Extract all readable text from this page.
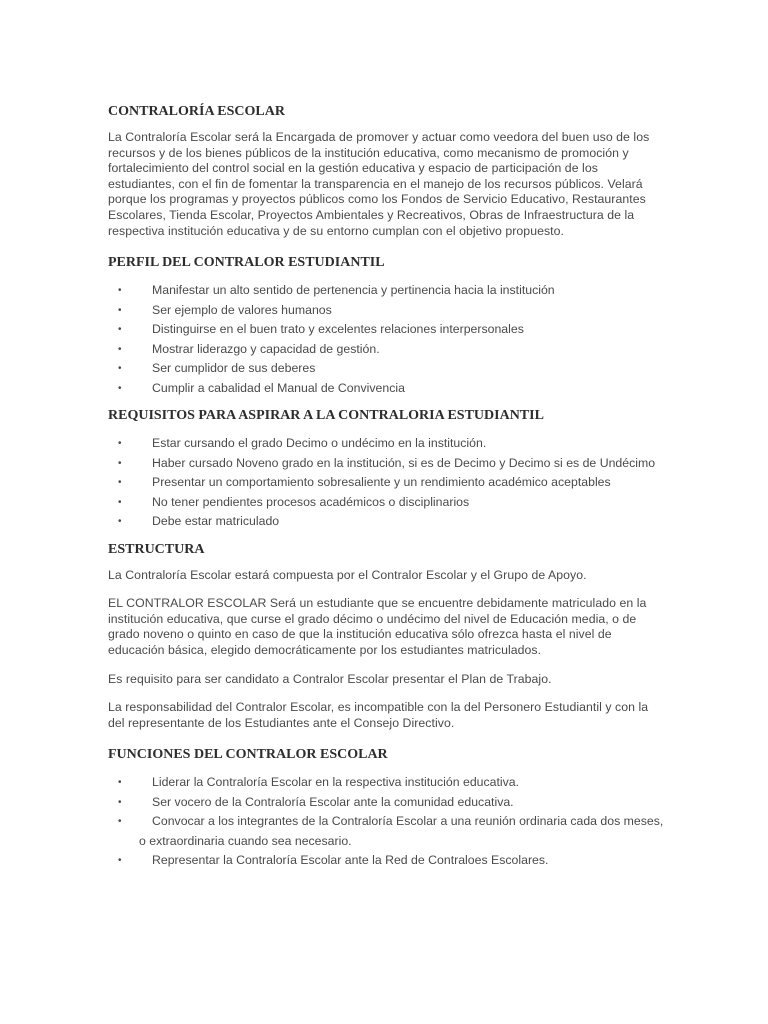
CONTRALORÍA ESCOLAR

La Contraloría Escolar será la Encargada de promover y actuar como veedora del buen uso de los recursos y de los bienes públicos de la institución educativa, como mecanismo de promoción y fortalecimiento del control social en la gestión educativa y espacio de participación de los estudiantes, con el fin de fomentar la transparencia en el manejo de los recursos públicos. Velará porque los programas y proyectos públicos como los Fondos de Servicio Educativo, Restaurantes Escolares, Tienda Escolar, Proyectos Ambientales y Recreativos, Obras de Infraestructura de la respectiva institución educativa y de su entorno cumplan con el objetivo propuesto.

PERFIL DEL CONTRALOR ESTUDIANTIL
• Manifestar un alto sentido de pertenencia y pertinencia hacia la institución
• Ser ejemplo de valores humanos
• Distinguirse en el buen trato y excelentes relaciones interpersonales
• Mostrar liderazgo y capacidad de gestión.
• Ser cumplidor de sus deberes
• Cumplir a cabalidad el Manual de Convivencia
REQUISITOS PARA ASPIRAR A LA CONTRALORIA ESTUDIANTIL
• Estar cursando el grado Decimo o undécimo en la institución.
• Haber cursado Noveno grado en la institución, si es de Decimo y Decimo si es de Undécimo
• Presentar un comportamiento sobresaliente y un rendimiento académico aceptables
• No tener pendientes procesos académicos o disciplinarios
• Debe estar matriculado
ESTRUCTURA

La Contraloría Escolar estará compuesta por el Contralor Escolar y el Grupo de Apoyo.

EL CONTRALOR ESCOLAR Será un estudiante que se encuentre debidamente matriculado en la institución educativa, que curse el grado décimo o undécimo del nivel de Educación media, o de grado noveno o quinto en caso de que la institución educativa sólo ofrezca hasta el nivel de educación básica, elegido democráticamente por los estudiantes matriculados.

Es requisito para ser candidato a Contralor Escolar presentar el Plan de Trabajo.

La responsabilidad del Contralor Escolar, es incompatible con la del Personero Estudiantil y con la del representante de los Estudiantes ante el Consejo Directivo.

FUNCIONES DEL CONTRALOR ESCOLAR
• Liderar la Contraloría Escolar en la respectiva institución educativa.
• Ser vocero de la Contraloría Escolar ante la comunidad educativa.
• Convocar a los integrantes de la Contraloría Escolar a una reunión ordinaria cada dos meses, o extraordinaria cuando sea necesario.
• Representar la Contraloría Escolar ante la Red de Contraloes Escolares.
